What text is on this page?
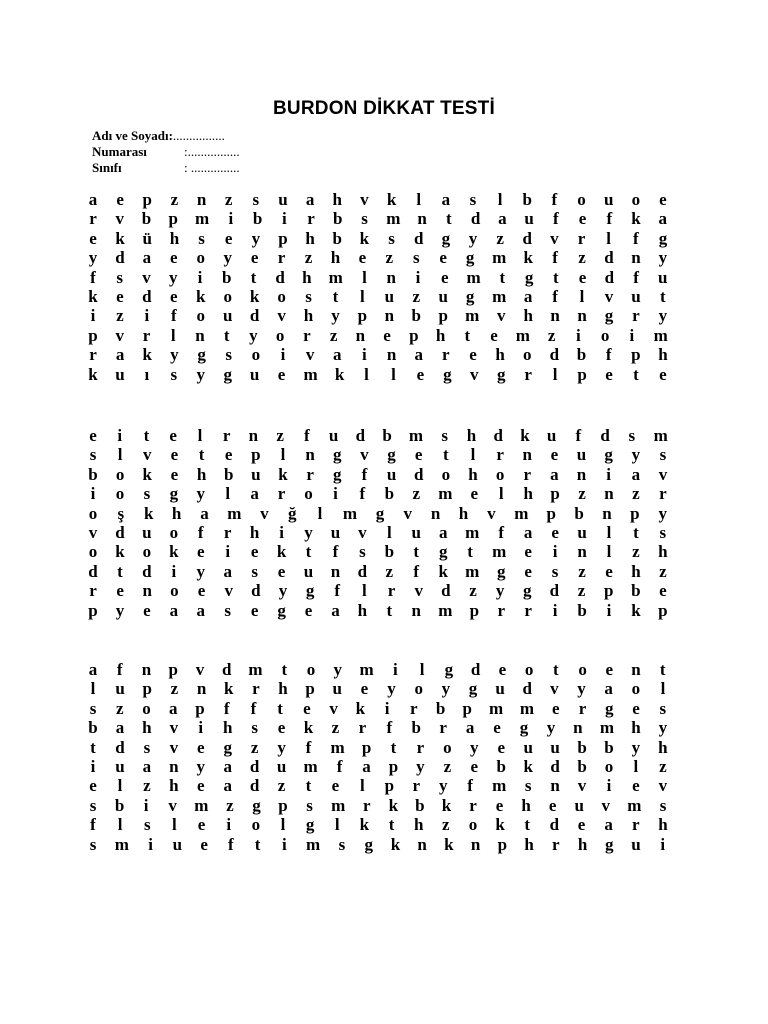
BURDON DİKKAT TESTİ
Adı ve Soyadı: ................
Numarası	:................
Sınıfı	: ...............
a e p z n z s u a h v k l a s l b f o u o e
r v b p m i b i r b s m n t d a u f e f k a
e k ü h s e y p h b k s d g y z d v r l f g
y d a e o y e r z h e z s e g m k f z d n y
f s v y i b t d h m l n i e m t g t e d f u
k e d e k o k o s t l u z u g m a f l v u t
i z i f o u d v h y p n b p m v h n n g r y
p v r l n t y o r z n e p h t e m z i o i m
r a k y g s o i v a i n a r e h o d b f p h
k u ı s y g u e m k l l e g v g r l p e t e
e i t e l r n z f u d b m s h d k u f d s m
s l v e t e p l n g v g e t l r n e u g y s
b o k e h b u k r g f u d o h o r a n i a v
i o s g y l a r o i f b z m e l h p z n z r
o ş k h a m v ğ l m g v n h v m p b n p y
v d u o f r h i y u v l u a m f a e u l t s
o k o k e i e k t f s b t g t m e i n l z h
d t d i y a s e u n d z f k m g e s z e h z
r e n o e v d y g f l r v d z y g d z p b e
p y e a a s e g e a h t n m p r r i b i k p
a f n p v d m t o y m i l g d e o t o e n t
l u p z n k r h p u e y o y g u d v y a o l
s z o a p f f t e v k i r b p m m e r g e s
b a h v i h s e k z r f b r a e g y n m h y
t d s v e g z y f m p t r o y e u u b b y h
i u a n y a d u m f a p y z e b k d b o l z
e l z h e a d z t e l p r y f m s n v i e v
s b i v m z g p s m r k b k r e h e u v m s
f l s l e i o l g l k t h z o k t d e a r h
s m i u e f t i m s g k n k n p h r h g u i
